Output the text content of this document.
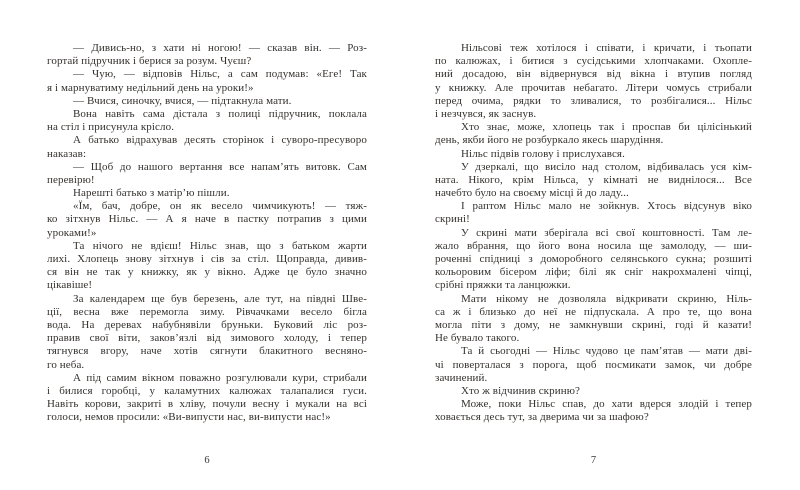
— Дивись-но, з хати ні ногою! — сказав він. — Роз-
гортай підручник і берися за розум. Чуєш?
— Чую, — відповів Нільс, а сам подумав: «Еге! Так
я і марнуватиму недільний день на уроки!»
— Вчися, синочку, вчися, — підтакнула мати.
Вона навіть сама дістала з полиці підручник, поклала
на стіл і присунула крісло.
А батько відрахував десять сторінок і суворо-пресуворо
наказав:
— Щоб до нашого вертання все напам’ять витовк. Сам
перевірю!
Нарешті батько з матір’ю пішли.
«Їм, бач, добре, он як весело чимчикують! — тяж-
ко зітхнув Нільс. — А я наче в пастку потрапив з цими
уроками!»
Та нічого не вдієш! Нільс знав, що з батьком жарти
лихі. Хлопець знову зітхнув і сів за стіл. Щоправда, дивив-
ся він не так у книжку, як у вікно. Адже це було значно
цікавіше!
За календарем ще був березень, але тут, на півдні Шве-
ції, весна вже перемогла зиму. Рівчачками весело бігла
вода. На деревах набубнявіли бруньки. Буковий ліс роз-
правив свої віти, заков’язлі від зимового холоду, і тепер
тягнувся вгору, наче хотів сягнути блакитного весняно-
го неба.
А під самим вікном поважно розгулювали кури, стрибали
і билися горобці, у каламутних калюжах талапалися гуси.
Навіть корови, закриті в хліву, почули весну і мукали на всі
голоси, немов просили: «Ви-випусти нас, ви-випусти нас!»
6
Нільсові теж хотілося і співати, і кричати, і тьопати
по калюжах, і битися з сусідськими хлопчаками. Охопле-
ний досадою, він відвернувся від вікна і втупив погляд
у книжку. Але прочитав небагато. Літери чомусь стрибали
перед очима, рядки то зливалися, то розбігалися... Нільс
і незчувся, як заснув.
Хто знає, може, хлопець так і проспав би цілісінький
день, якби його не розбуркало якесь шарудіння.
Нільс підвів голову і прислухався.
У дзеркалі, що висіло над столом, відбивалась уся кім-
ната. Нікого, крім Нільса, у кімнаті не виднілося... Все
начебто було на своєму місці й до ладу...
І раптом Нільс мало не зойкнув. Хтось відсунув віко
скрині!
У скрині мати зберігала всі свої коштовності. Там ле-
жало вбрання, що його вона носила ще замолоду, — ши-
роченні спідниці з доморобного селянського сукна; розшиті
кольоровим бісером ліфи; білі як сніг накрохмалені чіпці,
срібні пряжки та ланцюжки.
Мати нікому не дозволяла відкривати скриню, Ніль-
са ж і близько до неї не підпускала. А про те, що вона
могла піти з дому, не замкнувши скрині, годі й казати!
Не бувало такого.
Та й сьогодні — Нільс чудово це пам’ятав — мати дві-
чі поверталася з порога, щоб посмикати замок, чи добре
зачинений.
Хто ж відчинив скриню?
Може, поки Нільс спав, до хати вдерся злодій і тепер
ховається десь тут, за дверима чи за шафою?
7
